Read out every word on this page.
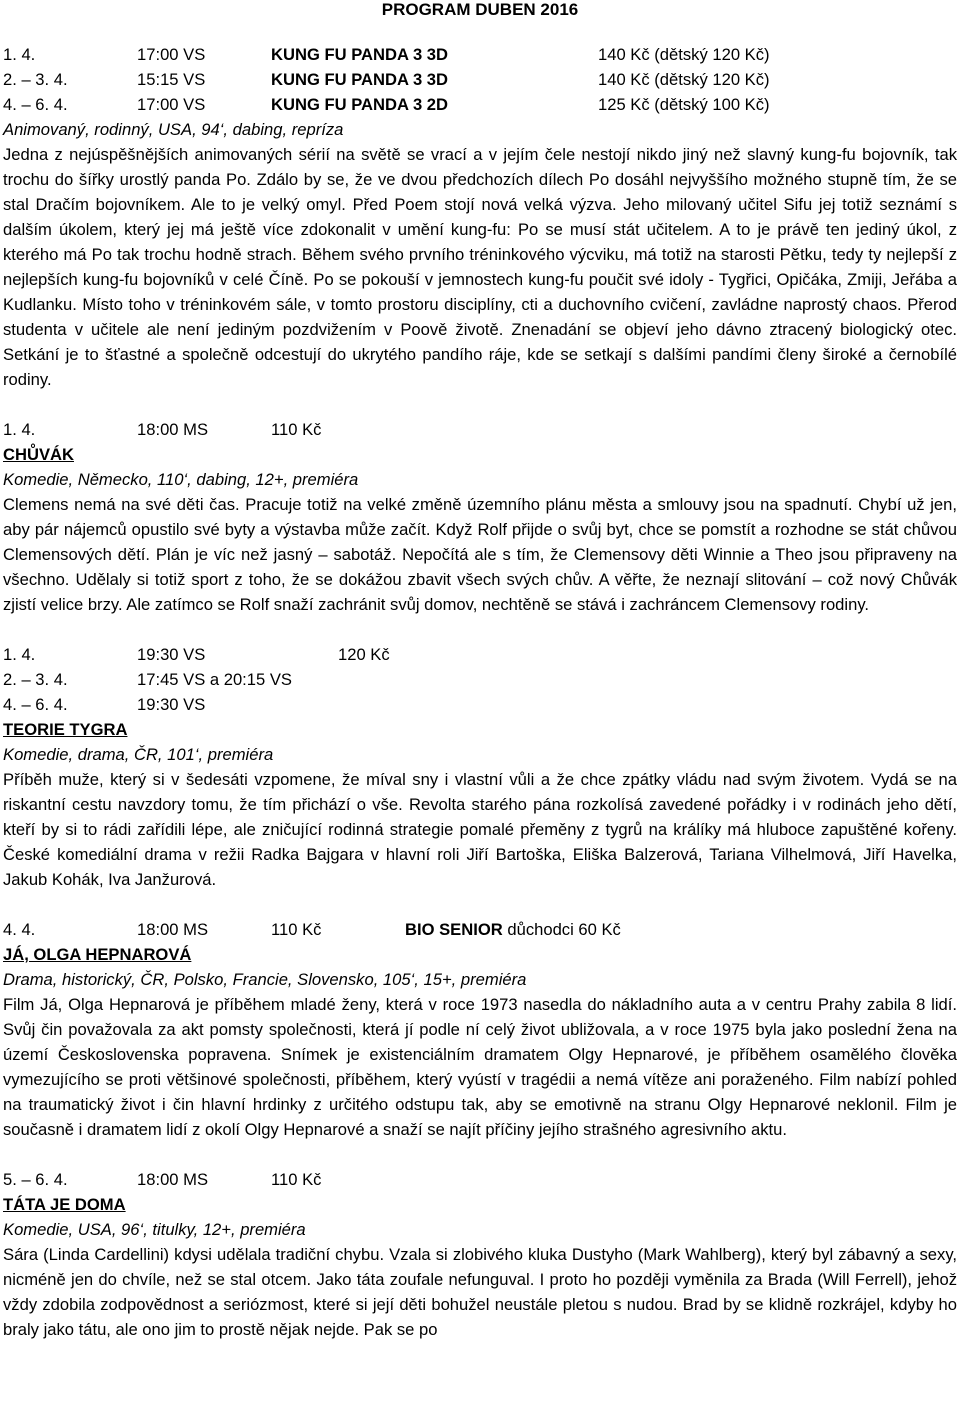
PROGRAM DUBEN 2016
1. 4.	17:00 VS	KUNG FU PANDA 3 3D	140 Kč (dětský 120 Kč)
2. – 3. 4.	15:15 VS	KUNG FU PANDA 3 3D	140 Kč (dětský 120 Kč)
4. – 6. 4.	17:00 VS	KUNG FU PANDA 3 2D	125 Kč (dětský 100 Kč)
Animovaný, rodinný, USA, 94‘, dabing, repríza

Jedna z nejúspěšnějších animovaných sérií na světě se vrací a v jejím čele nestojí nikdo jiný než slavný kung-fu bojovník, tak trochu do šířky urostlý panda Po. Zdálo by se, že ve dvou předchozích dílech Po dosáhl nejvyššího možného stupně tím, že se stal Dračím bojovníkem. Ale to je velký omyl. Před Poem stojí nová velká výzva. Jeho milovaný učitel Sifu jej totiž seznámí s dalším úkolem, který jej má ještě více zdokonalit v umění kung-fu: Po se musí stát učitelem. A to je právě ten jediný úkol, z kterého má Po tak trochu hodně strach. Během svého prvního tréninkového výcviku, má totiž na starosti Pětku, tedy ty nejlepší z nejlepších kung-fu bojovníků v celé Číně. Po se pokouší v jemnostech kung-fu poučit své idoly - Tygřici, Opičáka, Zmiji, Jeřába a Kudlanku. Místo toho v tréninkovém sále, v tomto prostoru disciplíny, cti a duchovního cvičení, zavládne naprostý chaos. Přerod studenta v učitele ale není jediným pozdvižením v Poově životě. Znenadání se objeví jeho dávno ztracený biologický otec. Setkání je to šťastné a společně odcestují do ukrytého pandího ráje, kde se setkají s dalšími pandími členy široké a černobílé rodiny.

1. 4.	18:00 MS	110 Kč
CHŮVÁK
Komedie, Německo, 110‘, dabing, 12+, premiéra

Clemens nemá na své děti čas. Pracuje totiž na velké změně územního plánu města a smlouvy jsou na spadnutí. Chybí už jen, aby pár nájemců opustilo své byty a výstavba může začít. Když Rolf přijde o svůj byt, chce se pomstít a rozhodne se stát chůvou Clemensových dětí. Plán je víc než jasný – sabotáž. Nepočítá ale s tím, že Clemensovy děti Winnie a Theo jsou připraveny na všechno. Udělaly si totiž sport z toho, že se dokážou zbavit všech svých chův. A věřte, že neznají slitování – což nový Chůvák zjistí velice brzy. Ale zatímco se Rolf snaží zachránit svůj domov, nechtěně se stává i zachráncem Clemensovy rodiny.

1. 4.	19:30 VS	120 Kč
2. – 3. 4.	17:45 VS a 20:15 VS
4. – 6. 4.	19:30 VS
TEORIE TYGRA
Komedie, drama, ČR, 101‘, premiéra

Příběh muže, který si v šedesáti vzpomene, že míval sny i vlastní vůli a že chce zpátky vládu nad svým životem. Vydá se na riskantní cestu navzdory tomu, že tím přichází o vše. Revolta starého pána rozkolísá zavedené pořádky i v rodinách jeho dětí, kteří by si to rádi zařídili lépe, ale zničující rodinná strategie pomalé přeměny z tygrů na králíky má hluboce zapuštěné kořeny. České komediální drama v režii Radka Bajgara v hlavní roli Jiří Bartoška, Eliška Balzerová, Tariana Vilhelmová, Jiří Havelka, Jakub Kohák, Iva Janžurová.

4. 4.	18:00 MS	110 Kč	BIO SENIOR důchodci 60 Kč
JÁ, OLGA HEPNAROVÁ
Drama, historický, ČR, Polsko, Francie, Slovensko, 105‘, 15+, premiéra

Film Já, Olga Hepnarová je příběhem mladé ženy, která v roce 1973 nasedla do nákladního auta a v centru Prahy zabila 8 lidí. Svůj čin považovala za akt pomsty společnosti, která jí podle ní celý život ubližovala, a v roce 1975 byla jako poslední žena na území Československa popravena. Snímek je existenciálním dramatem Olgy Hepnarové, je příběhem osamělého člověka vymezujícího se proti většinové společnosti, příběhem, který vyústí v tragédii a nemá vítěze ani poraženého. Film nabízí pohled na traumatický život i čin hlavní hrdinky z určitého odstupu tak, aby se emotivně na stranu Olgy Hepnarové neklonil. Film je současně i dramatem lidí z okolí Olgy Hepnarové a snaží se najít příčiny jejího strašného agresivního aktu.

5. – 6. 4.	18:00 MS	110 Kč
TÁTA JE DOMA
Komedie, USA, 96‘, titulky, 12+, premiéra

Sára (Linda Cardellini) kdysi udělala tradiční chybu. Vzala si zlobivého kluka Dustyho (Mark Wahlberg), který byl zábavný a sexy, nicméně jen do chvíle, než se stal otcem. Jako táta zoufale nefunguval. I proto ho později vyměnila za Brada (Will Ferrell), jehož vždy zdobila zodpovědnost a seriózmost, které si její děti bohužel neustále pletou s nudou. Brad by se klidně rozkrájel, kdyby ho braly jako tátu, ale ono jim to prostě nějak nejde. Pak se po
